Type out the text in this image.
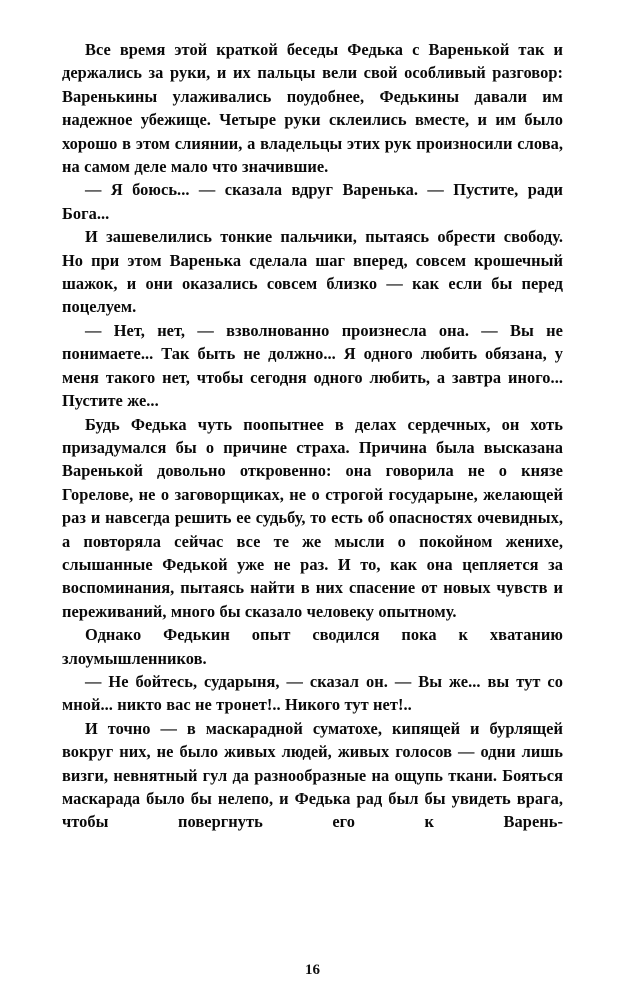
Все время этой краткой беседы Федька с Варенькой так и держались за руки, и их пальцы вели свой особливый разговор: Варенькины улаживались поудобнее, Федькины давали им надежное убежище. Четыре руки склеились вместе, и им было хорошо в этом слиянии, а владельцы этих рук произносили слова, на самом деле мало что значившие.

— Я боюсь... — сказала вдруг Варенька. — Пустите, ради Бога...

И зашевелились тонкие пальчики, пытаясь обрести свободу. Но при этом Варенька сделала шаг вперед, совсем крошечный шажок, и они оказались совсем близко — как если бы перед поцелуем.

— Нет, нет, — взволнованно произнесла она. — Вы не понимаете... Так быть не должно... Я одного любить обязана, у меня такого нет, чтобы сегодня одного любить, а завтра иного... Пустите же...

Будь Федька чуть поопытнее в делах сердечных, он хоть призадумался бы о причине страха. Причина была высказана Варенькой довольно откровенно: она говорила не о князе Горелове, не о заговорщиках, не о строгой государыне, желающей раз и навсегда решить ее судьбу, то есть об опасностях очевидных, а повторяла сейчас все те же мысли о покойном женихе, слышанные Федькой уже не раз. И то, как она цепляется за воспоминания, пытаясь найти в них спасение от новых чувств и переживаний, много бы сказало человеку опытному.

Однако Федькин опыт сводился пока к хватанию злоумышленников.

— Не бойтесь, сударыня, — сказал он. — Вы же... вы тут со мной... никто вас не тронет!.. Никого тут нет!..

И точно — в маскарадной суматохе, кипящей и бурлящей вокруг них, не было живых людей, живых голосов — одни лишь визги, невнятный гул да разнообразные на ощупь ткани. Бояться маскарада было бы нелепо, и Федька рад был бы увидеть врага, чтобы повергнуть его к Варень-

16
